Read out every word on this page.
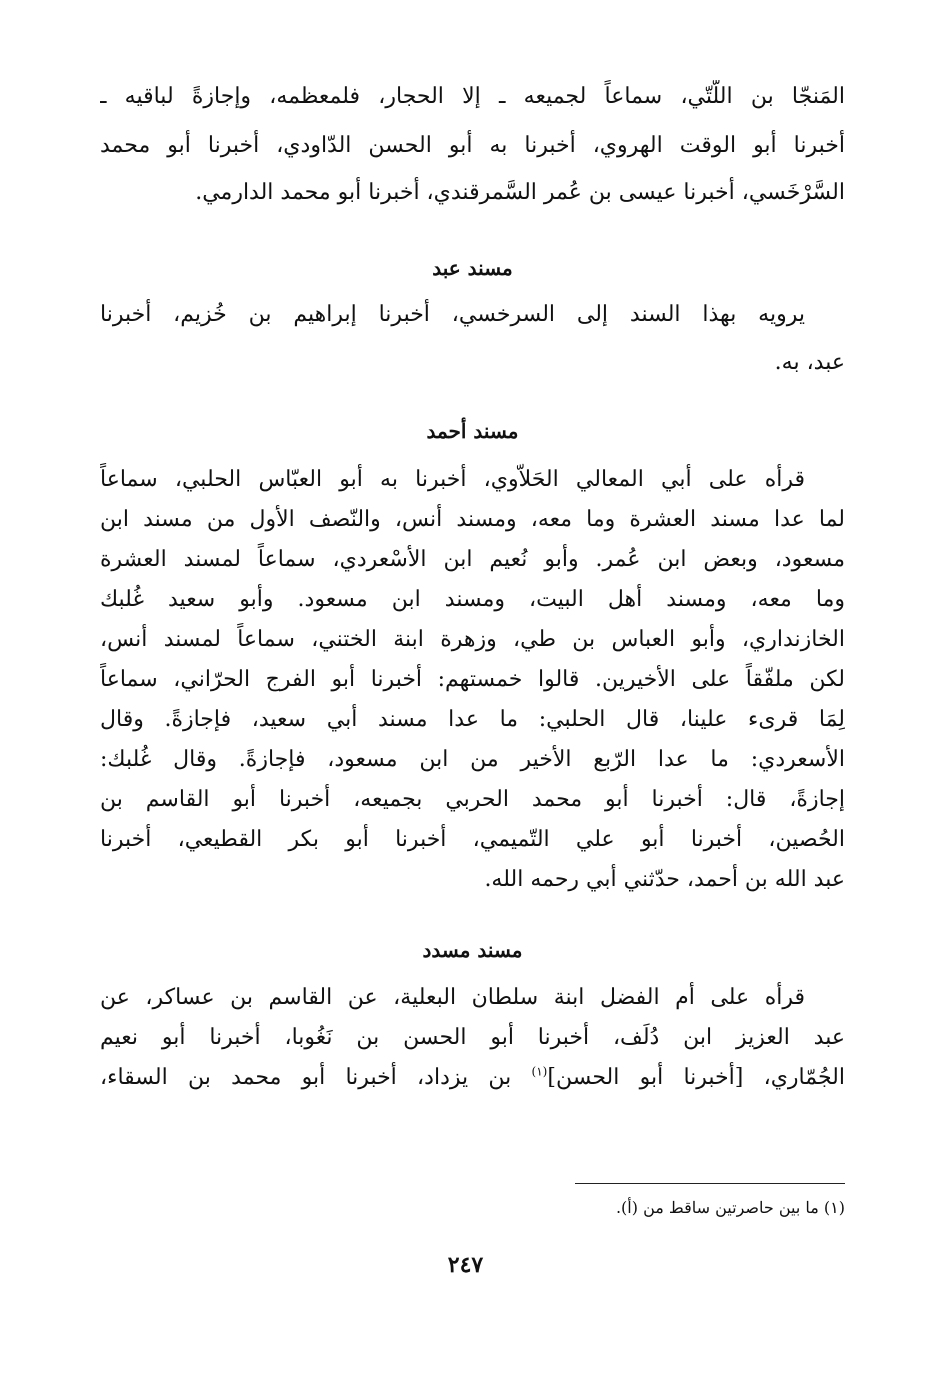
المَنجّا بن اللّتّي، سماعاً لجميعه ـ إلا الحجار، فلمعظمه، وإجازةً لباقيه ـ
أخبرنا أبو الوقت الهروي، أخبرنا به أبو الحسن الدّاودي، أخبرنا أبو محمد
السَّرْخَسي، أخبرنا عيسى بن عُمر السَّمرقندي، أخبرنا أبو محمد الدارمي.
مسند عبد
يرويه بهذا السند إلى السرخسي، أخبرنا إبراهيم بن خُزيم، أخبرنا
عبد، به.
مسند أحمد
قرأه على أبي المعالي الحَلاّوي، أخبرنا به أبو العبّاس الحلبي، سماعاً
لما عدا مسند العشرة وما معه، ومسند أنس، والنّصف الأول من مسند ابن
مسعود، وبعض ابن عُمر. وأبو نُعيم ابن الأسْعردي، سماعاً لمسند العشرة
وما معه، ومسند أهل البيت، ومسند ابن مسعود. وأبو سعيد غُلبك
الخازنداري، وأبو العباس بن طي، وزهرة ابنة الختني، سماعاً لمسند أنس،
لكن ملفّقاً على الأخيرين. قالوا خمستهم: أخبرنا أبو الفرج الحرّاني، سماعاً
لِمَا قرىء علينا، قال الحلبي: ما عدا مسند أبي سعيد، فإجازةً. وقال
الأسعردي: ما عدا الرّبع الأخير من ابن مسعود، فإجازةً. وقال غُلبك:
إجازةً، قال: أخبرنا أبو محمد الحربي بجميعه، أخبرنا أبو القاسم بن
الحُصين، أخبرنا أبو علي التّميمي، أخبرنا أبو بكر القطيعي، أخبرنا
عبد الله بن أحمد، حدّثني أبي رحمه الله.
مسند مسدد
قرأه على أم الفضل ابنة سلطان البعلية، عن القاسم بن عساكر، عن
عبد العزيز ابن دُلَف، أخبرنا أبو الحسن بن نَغُوبا، أخبرنا أبو نعيم
الجُمّاري، [أخبرنا أبو الحسن]$^{(١)}$ بن يزداد، أخبرنا أبو محمد بن السقاء،
(١) ما بين حاصرتين ساقط من (أ).
٢٤٧
